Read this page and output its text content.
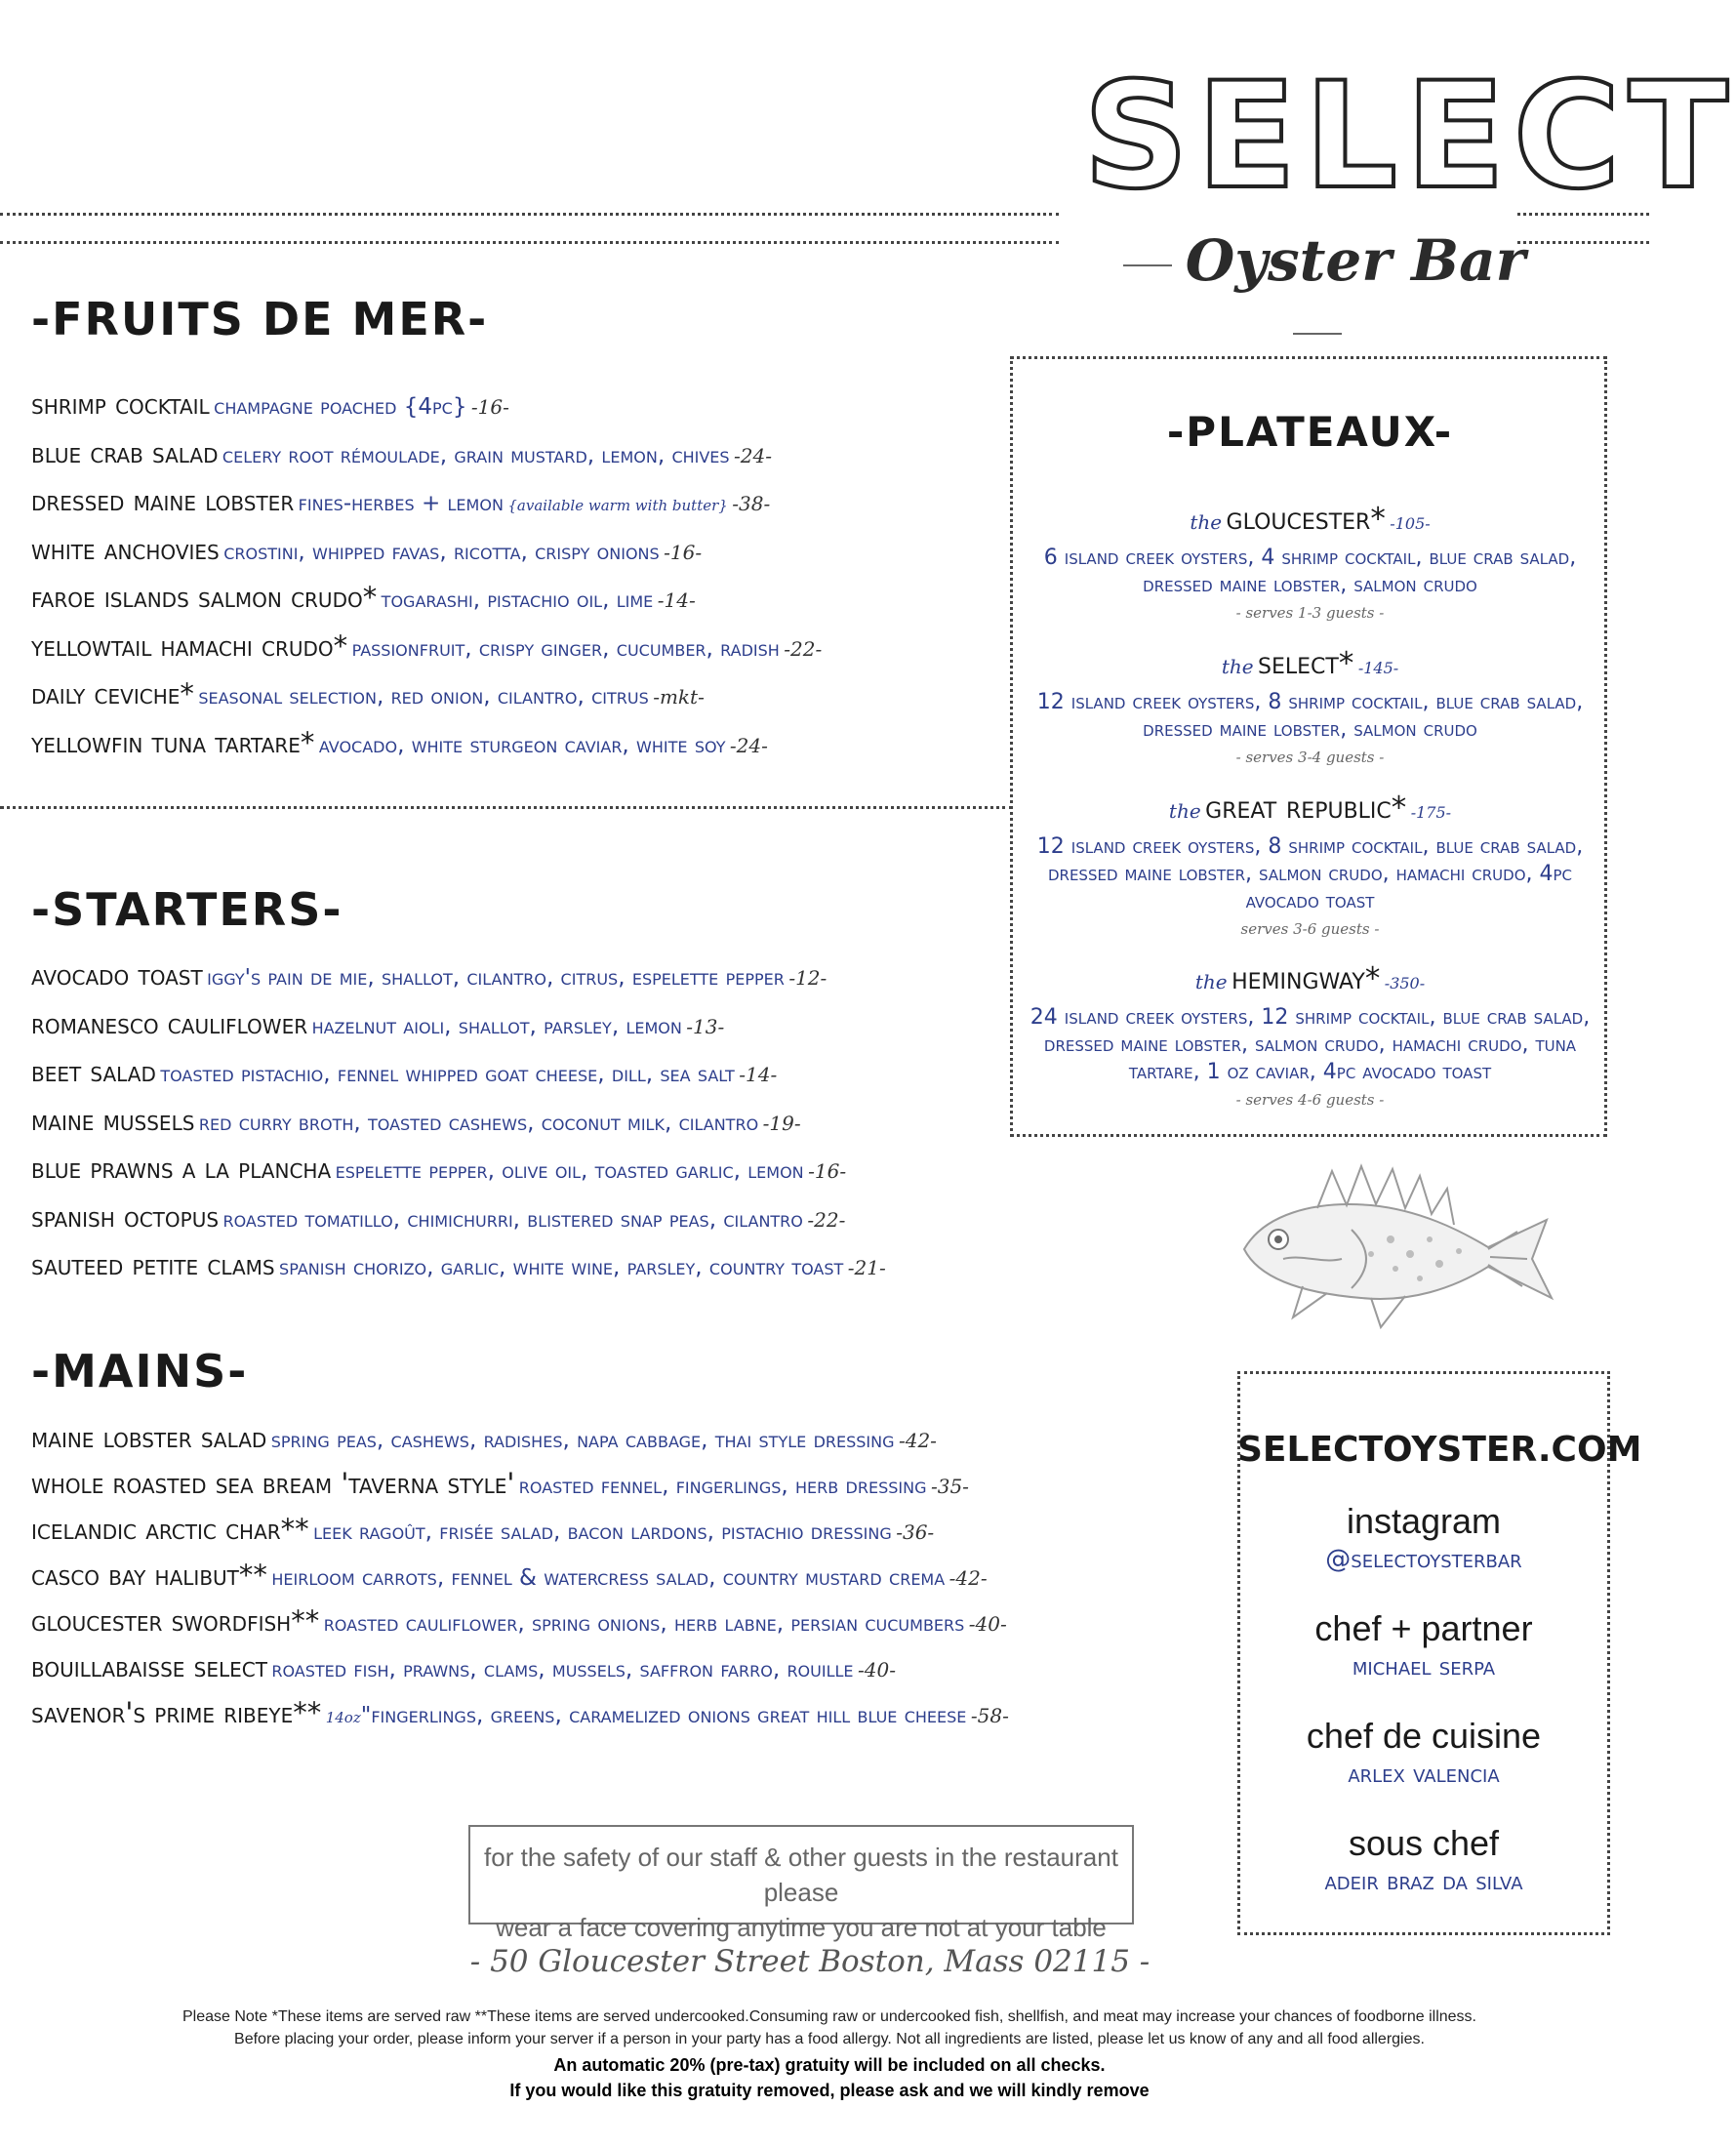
SELECT
Oyster Bar
-FRUITS DE MER-
shrimp cocktail champagne poached {4pc} -16-
blue crab salad celery root rémoulade, grain mustard, lemon, chives -24-
dressed maine lobster fines-herbes + lemon {available warm with butter} -38-
white anchovies crostini, whipped favas, ricotta, crispy onions -16-
faroe islands salmon crudo* togarashi, pistachio oil, lime -14-
yellowtail hamachi crudo* passionfruit, crispy ginger, cucumber, radish -22-
daily ceviche* seasonal selection, red onion, cilantro, citrus -mkt-
yellowfin tuna tartare* avocado, white sturgeon caviar, white soy -24-
-STARTERS-
avocado toast iggy's pain de mie, shallot, cilantro, citrus, espelette pepper -12-
romanesco cauliflower hazelnut aioli, shallot, parsley, lemon -13-
beet salad toasted pistachio, fennel whipped goat cheese, dill, sea salt -14-
maine mussels red curry broth, toasted cashews, coconut milk, cilantro -19-
blue prawns a la plancha espelette pepper, olive oil, toasted garlic, lemon -16-
spanish octopus roasted tomatillo, chimichurri, blistered snap peas, cilantro -22-
sauteed petite clams spanish chorizo, garlic, white wine, parsley, country toast -21-
-MAINS-
maine lobster salad spring peas, cashews, radishes, napa cabbage, thai style dressing -42-
whole roasted sea bream 'taverna style' roasted fennel, fingerlings, herb dressing -35-
icelandic arctic char** leek ragoût, frisée salad, bacon lardons, pistachio dressing -36-
casco bay halibut** heirloom carrots, fennel & watercress salad, country mustard crema -42-
gloucester swordfish** roasted cauliflower, spring onions, herb labne, persian cucumbers -40-
bouillabaisse select roasted fish, prawns, clams, mussels, saffron farro, rouille -40-
savenor's prime ribeye** 14oz"fingerlings, greens, caramelized onions great hill blue cheese -58-
-PLATEAUX-
the gloucester* -105-
6 island creek oysters, 4 shrimp cocktail, blue crab salad, dressed maine lobster, salmon crudo
- serves 1-3 guests -
the select* -145-
12 island creek oysters, 8 shrimp cocktail, blue crab salad, dressed maine lobster, salmon crudo
- serves 3-4 guests -
the great republic* -175-
12 island creek oysters, 8 shrimp cocktail, blue crab salad, dressed maine lobster, salmon crudo, hamachi crudo, 4pc avocado toast
serves 3-6 guests -
the hemingway* -350-
24 island creek oysters, 12 shrimp cocktail, blue crab salad, dressed maine lobster, salmon crudo, hamachi crudo, tuna tartare, 1 oz caviar, 4pc avocado toast
- serves 4-6 guests -
SELECTOYSTER.COM
instagram
@selectoysterbar
chef + partner
michael serpa
chef de cuisine
arlex valencia
sous chef
adeir braz da silva
for the safety of our staff & other guests in the restaurant please
wear a face covering anytime you are not at your table
- 50 Gloucester Street Boston, Mass 02115 -
Please Note *These items are served raw **These items are served undercooked.Consuming raw or undercooked fish, shellfish, and meat may increase your chances of foodborne illness.
Before placing your order, please inform your server if a person in your party has a food allergy. Not all ingredients are listed, please let us know of any and all food allergies.
An automatic 20% (pre-tax) gratuity will be included on all checks.
If you would like this gratuity removed, please ask and we will kindly remove
